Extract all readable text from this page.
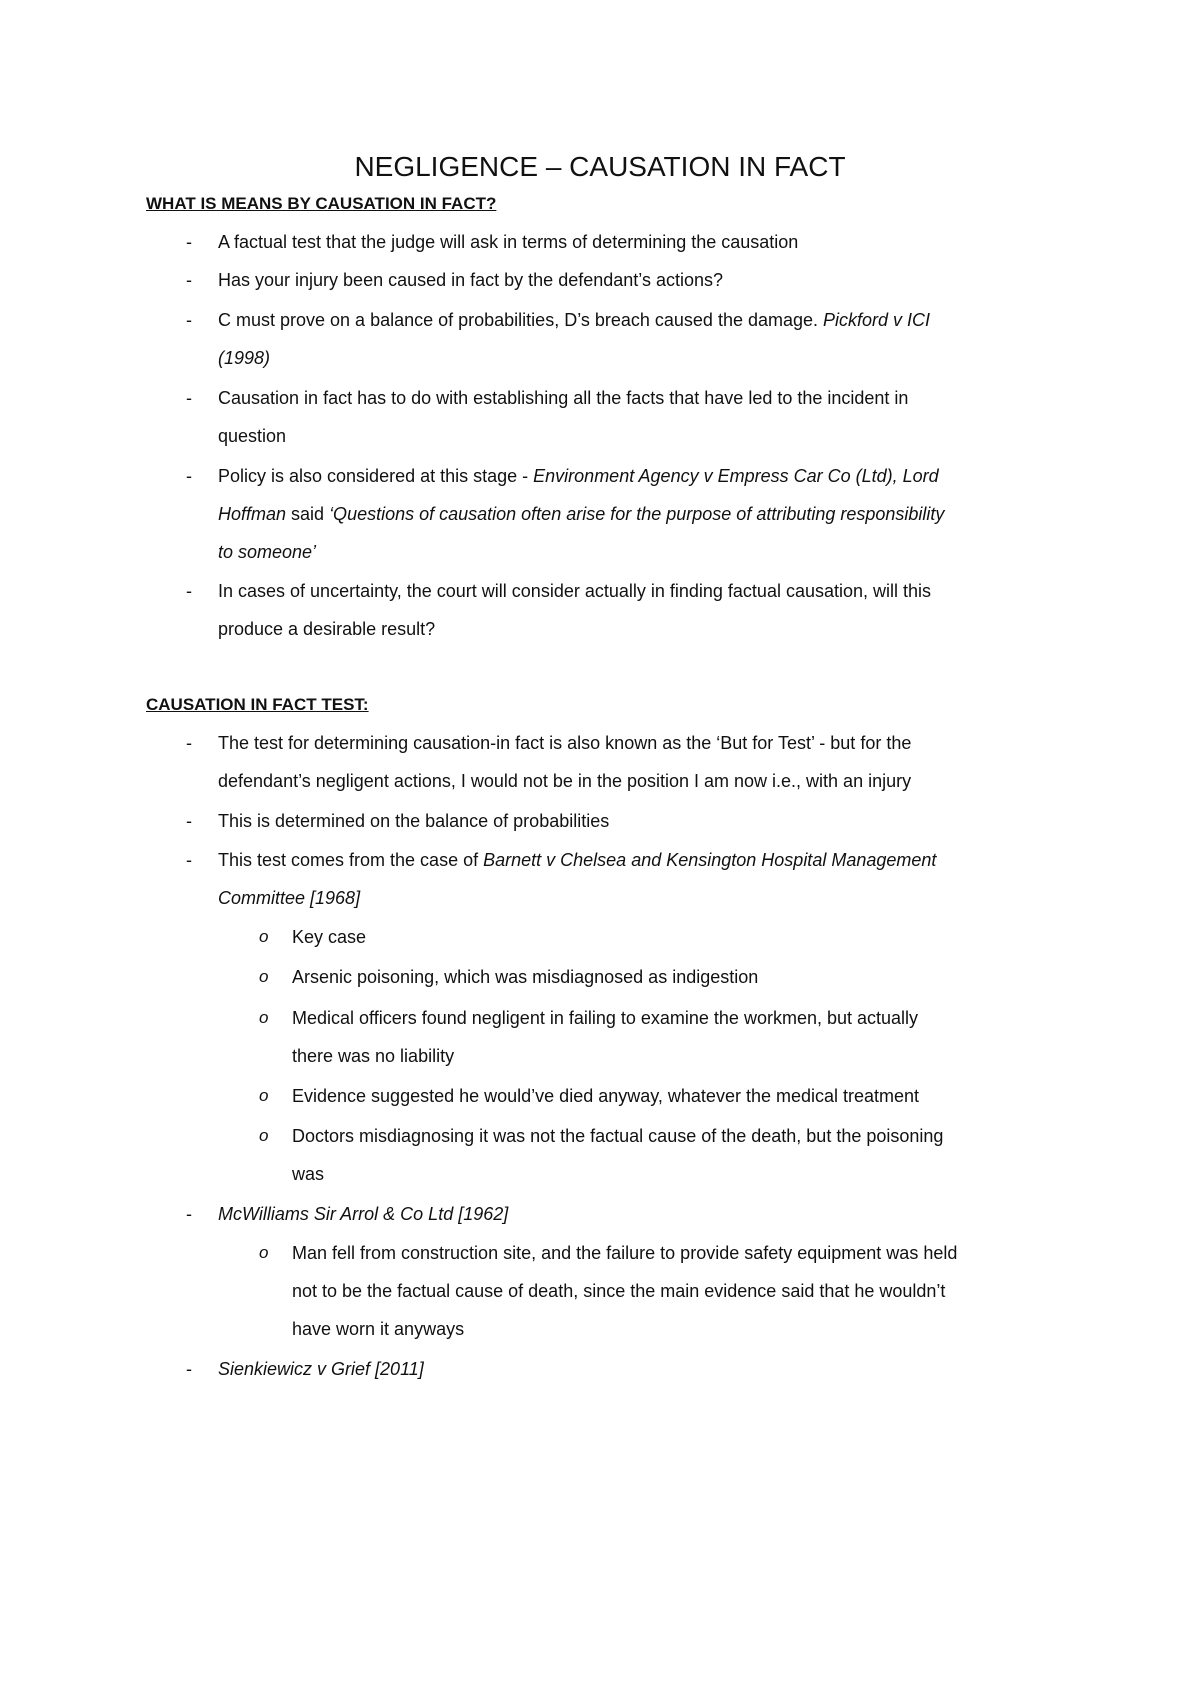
NEGLIGENCE – CAUSATION IN FACT
WHAT IS MEANS BY CAUSATION IN FACT?
- A factual test that the judge will ask in terms of determining the causation
- Has your injury been caused in fact by the defendant’s actions?
- C must prove on a balance of probabilities, D’s breach caused the damage. Pickford v ICI
(1998)
- Causation in fact has to do with establishing all the facts that have led to the incident in
question
- Policy is also considered at this stage - Environment Agency v Empress Car Co (Ltd), Lord
Hoffman said ‘Questions of causation often arise for the purpose of attributing responsibility
to someone’
- In cases of uncertainty, the court will consider actually in finding factual causation, will this
produce a desirable result?
CAUSATION IN FACT TEST:
- The test for determining causation-in fact is also known as the ‘But for Test’ - but for the
defendant’s negligent actions, I would not be in the position I am now i.e., with an injury
- This is determined on the balance of probabilities
- This test comes from the case of Barnett v Chelsea and Kensington Hospital Management
Committee [1968]
o Key case
o Arsenic poisoning, which was misdiagnosed as indigestion
o Medical officers found negligent in failing to examine the workmen, but actually
there was no liability
o Evidence suggested he would’ve died anyway, whatever the medical treatment
o Doctors misdiagnosing it was not the factual cause of the death, but the poisoning
was
- McWilliams Sir Arrol & Co Ltd [1962]
o Man fell from construction site, and the failure to provide safety equipment was held
not to be the factual cause of death, since the main evidence said that he wouldn’t
have worn it anyways
- Sienkiewicz v Grief [2011]
